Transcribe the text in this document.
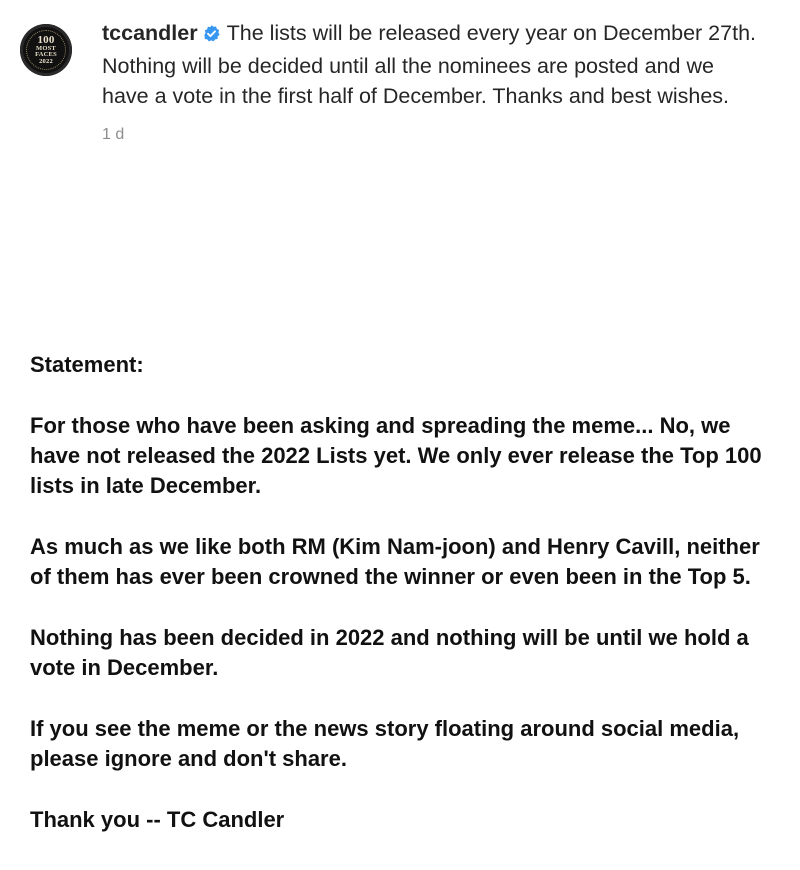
100
MOST
FACES
2022
tccandler The lists will be released every year on December 27th. Nothing will be decided until all the nominees are posted and we have a vote in the first half of December. Thanks and best wishes.
1 d

Statement:

For those who have been asking and spreading the meme... No, we have not released the 2022 Lists yet. We only ever release the Top 100 lists in late December.

As much as we like both RM (Kim Nam-joon) and Henry Cavill, neither of them has ever been crowned the winner or even been in the Top 5.

Nothing has been decided in 2022 and nothing will be until we hold a vote in December.

If you see the meme or the news story floating around social media, please ignore and don't share.

Thank you -- TC Candler
